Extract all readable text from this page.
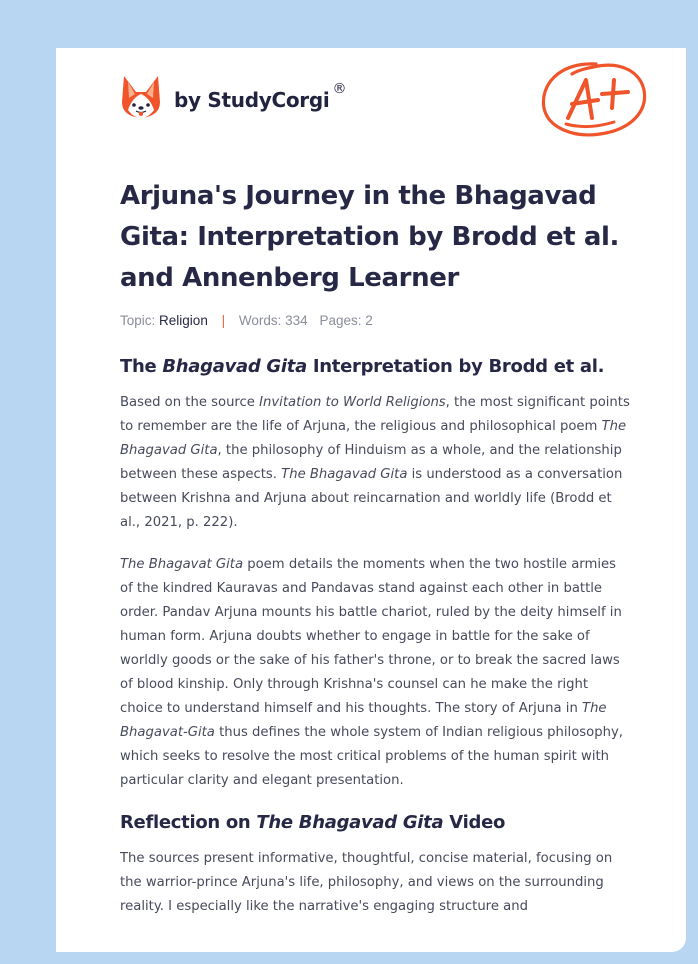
by StudyCorgi ®
Arjuna's Journey in the Bhagavad Gita: Interpretation by Brodd et al. and Annenberg Learner
Topic: Religion | Words: 334 Pages: 2
The Bhagavad Gita Interpretation by Brodd et al.

Based on the source Invitation to World Religions, the most significant points to remember are the life of Arjuna, the religious and philosophical poem The Bhagavad Gita, the philosophy of Hinduism as a whole, and the relationship between these aspects. The Bhagavad Gita is understood as a conversation between Krishna and Arjuna about reincarnation and worldly life (Brodd et al., 2021, p. 222).

The Bhagavat Gita poem details the moments when the two hostile armies of the kindred Kauravas and Pandavas stand against each other in battle order. Pandav Arjuna mounts his battle chariot, ruled by the deity himself in human form. Arjuna doubts whether to engage in battle for the sake of worldly goods or the sake of his father's throne, or to break the sacred laws of blood kinship. Only through Krishna's counsel can he make the right choice to understand himself and his thoughts. The story of Arjuna in The Bhagavat-Gita thus defines the whole system of Indian religious philosophy, which seeks to resolve the most critical problems of the human spirit with particular clarity and elegant presentation.

Reflection on The Bhagavad Gita Video

The sources present informative, thoughtful, concise material, focusing on the warrior-prince Arjuna's life, philosophy, and views on the surrounding reality. I especially like the narrative's engaging structure and
